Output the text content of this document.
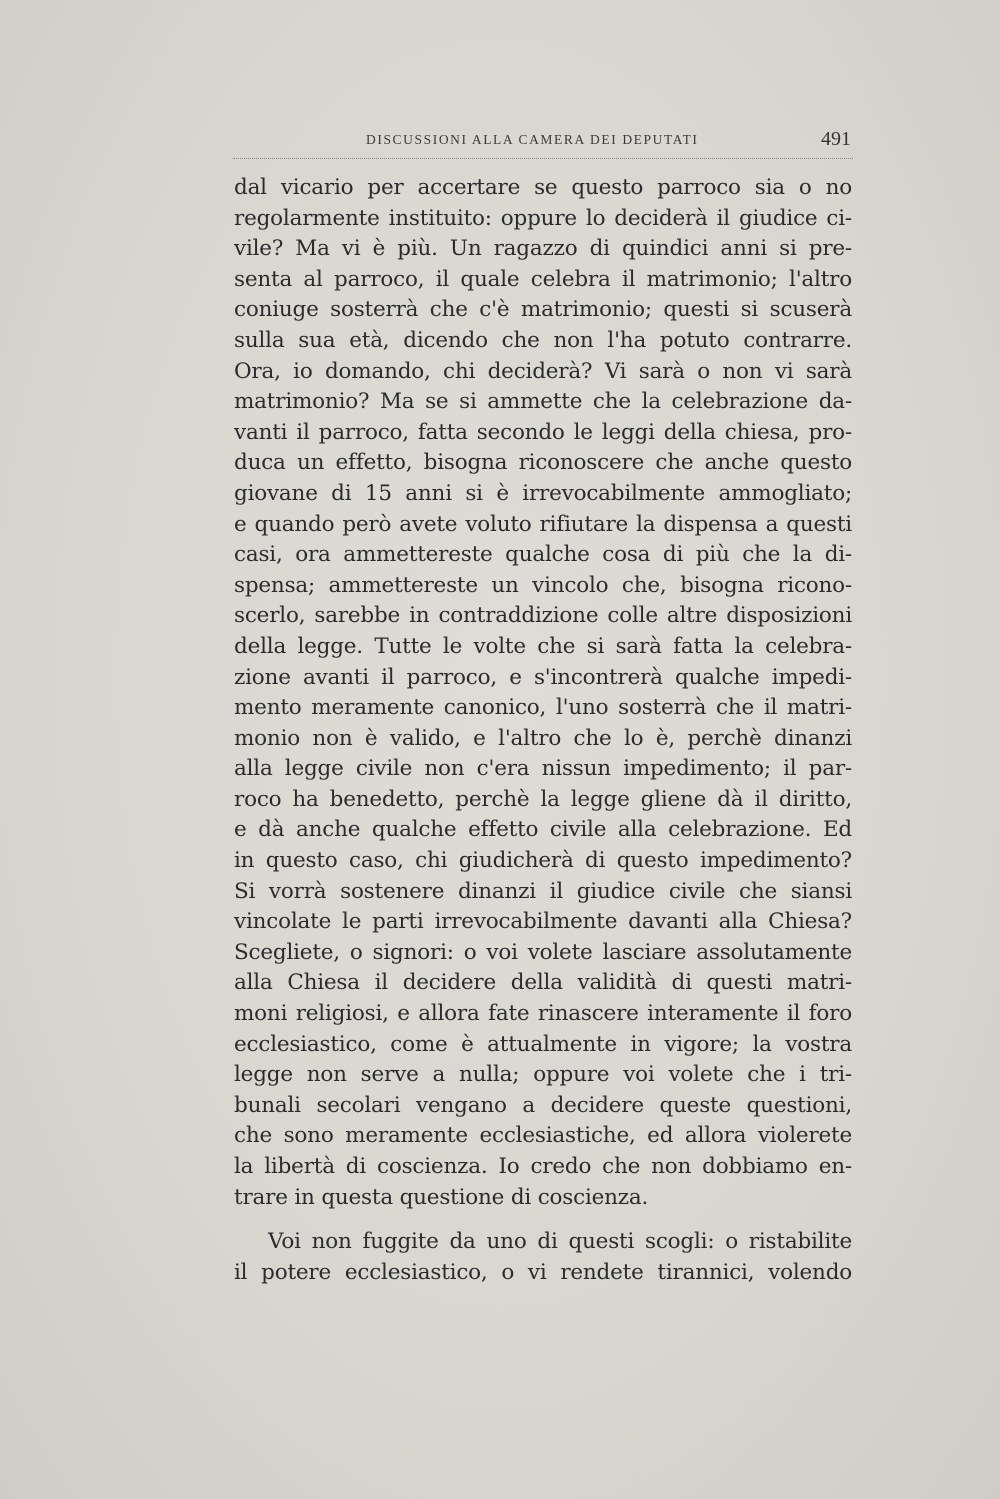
DISCUSSIONI ALLA CAMERA DEI DEPUTATI	491
dal vicario per accertare se questo parroco sia o no
regolarmente instituito: oppure lo deciderà il giudice ci-
vile? Ma vi è più. Un ragazzo di quindici anni si pre-
senta al parroco, il quale celebra il matrimonio; l'altro
coniuge sosterrà che c'è matrimonio; questi si scuserà
sulla sua età, dicendo che non l'ha potuto contrarre.
Ora, io domando, chi deciderà? Vi sarà o non vi sarà
matrimonio? Ma se si ammette che la celebrazione da-
vanti il parroco, fatta secondo le leggi della chiesa, pro-
duca un effetto, bisogna riconoscere che anche questo
giovane di 15 anni si è irrevocabilmente ammogliato;
e quando però avete voluto rifiutare la dispensa a questi
casi, ora ammettereste qualche cosa di più che la di-
spensa; ammettereste un vincolo che, bisogna ricono-
scerlo, sarebbe in contraddizione colle altre disposizioni
della legge. Tutte le volte che si sarà fatta la celebra-
zione avanti il parroco, e s'incontrerà qualche impedi-
mento meramente canonico, l'uno sosterrà che il matri-
monio non è valido, e l'altro che lo è, perchè dinanzi
alla legge civile non c'era nissun impedimento; il par-
roco ha benedetto, perchè la legge gliene dà il diritto,
e dà anche qualche effetto civile alla celebrazione. Ed
in questo caso, chi giudicherà di questo impedimento?
Si vorrà sostenere dinanzi il giudice civile che siansi
vincolate le parti irrevocabilmente davanti alla Chiesa?
Scegliete, o signori: o voi volete lasciare assolutamente
alla Chiesa il decidere della validità di questi matri-
moni religiosi, e allora fate rinascere interamente il foro
ecclesiastico, come è attualmente in vigore; la vostra
legge non serve a nulla; oppure voi volete che i tri-
bunali secolari vengano a decidere queste questioni,
che sono meramente ecclesiastiche, ed allora violerete
la libertà di coscienza. Io credo che non dobbiamo en-
trare in questa questione di coscienza.
Voi non fuggite da uno di questi scogli: o ristabilite
il potere ecclesiastico, o vi rendete tirannici, volendo
